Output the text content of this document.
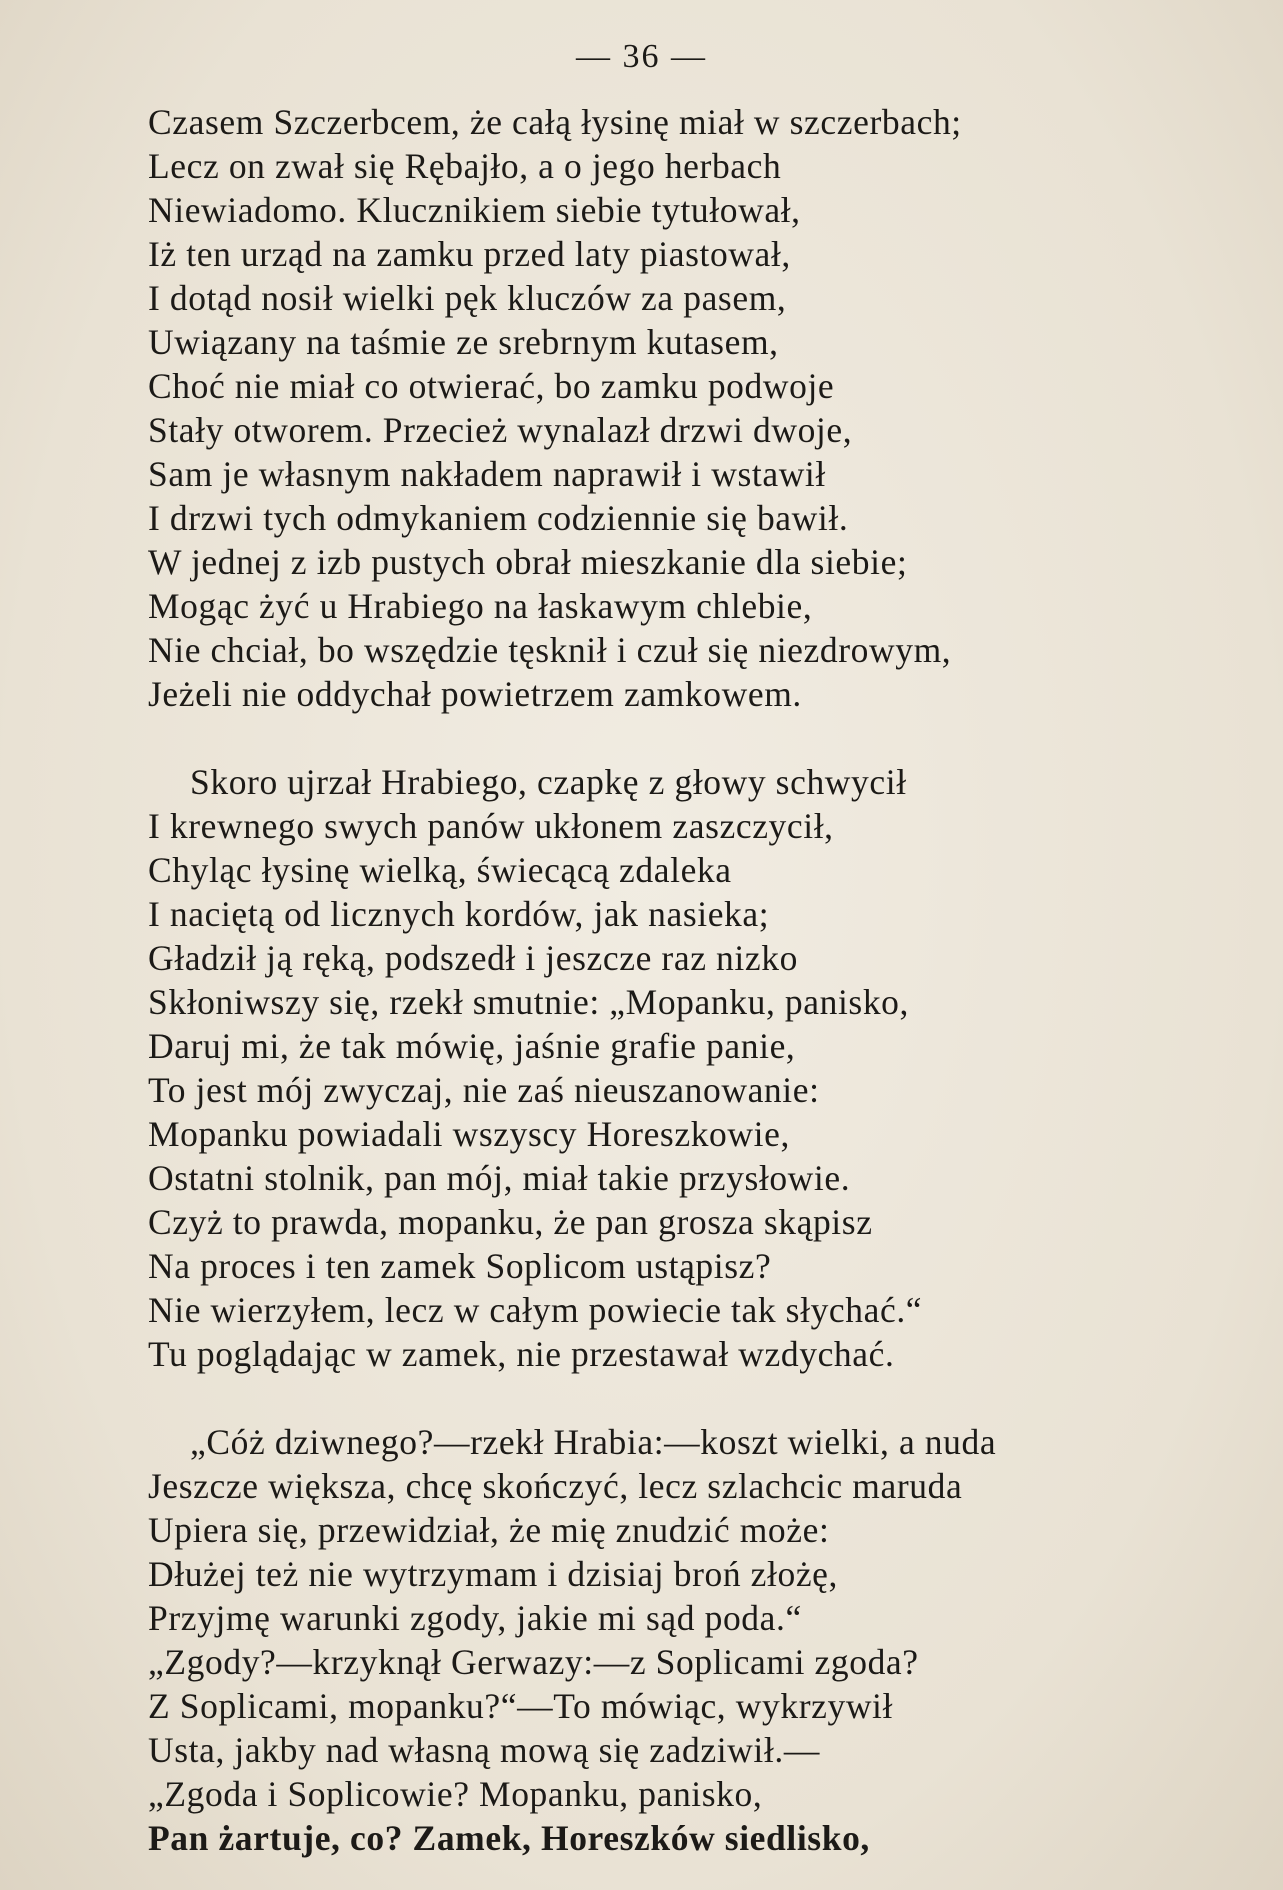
— 36 —
Czasem Szczerbcem, że całą łysinę miał w szczerbach;
Lecz on zwał się Rębajło, a o jego herbach
Niewiadomo. Klucznikiem siebie tytułował,
Iż ten urząd na zamku przed laty piastował,
I dotąd nosił wielki pęk kluczów za pasem,
Uwiązany na taśmie ze srebrnym kutasem,
Choć nie miał co otwierać, bo zamku podwoje
Stały otworem. Przecież wynalazł drzwi dwoje,
Sam je własnym nakładem naprawił i wstawił
I drzwi tych odmykaniem codziennie się bawił.
W jednej z izb pustych obrał mieszkanie dla siebie;
Mogąc żyć u Hrabiego na łaskawym chlebie,
Nie chciał, bo wszędzie tęsknił i czuł się niezdrowym,
Jeżeli nie oddychał powietrzem zamkowem.
Skoro ujrzał Hrabiego, czapkę z głowy schwycił
I krewnego swych panów ukłonem zaszczycił,
Chyląc łysinę wielką, świecącą zdaleka
I naciętą od licznych kordów, jak nasieka;
Gładził ją ręką, podszedł i jeszcze raz nizko
Skłoniwszy się, rzekł smutnie: „Mopanku, panisko,
Daruj mi, że tak mówię, jaśnie grafie panie,
To jest mój zwyczaj, nie zaś nieuszanowanie:
Mopanku powiadali wszyscy Horeszkowie,
Ostatni stolnik, pan mój, miał takie przysłowie.
Czyż to prawda, mopanku, że pan grosza skąpisz
Na proces i ten zamek Soplicom ustąpisz?
Nie wierzyłem, lecz w całym powiecie tak słychać.“
Tu poglądając w zamek, nie przestawał wzdychać.
„Cóż dziwnego?—rzekł Hrabia:—koszt wielki, a nuda
Jeszcze większa, chcę skończyć, lecz szlachcic maruda
Upiera się, przewidział, że mię znudzić może:
Dłużej też nie wytrzymam i dzisiaj broń złożę,
Przyjmę warunki zgody, jakie mi sąd poda.“
„Zgody?—krzyknął Gerwazy:—z Soplicami zgoda?
Z Soplicami, mopanku?“—To mówiąc, wykrzywił
Usta, jakby nad własną mową się zadziwił.—
„Zgoda i Soplicowie? Mopanku, panisko,
Pan żartuje, co? Zamek, Horeszków siedlisko,
